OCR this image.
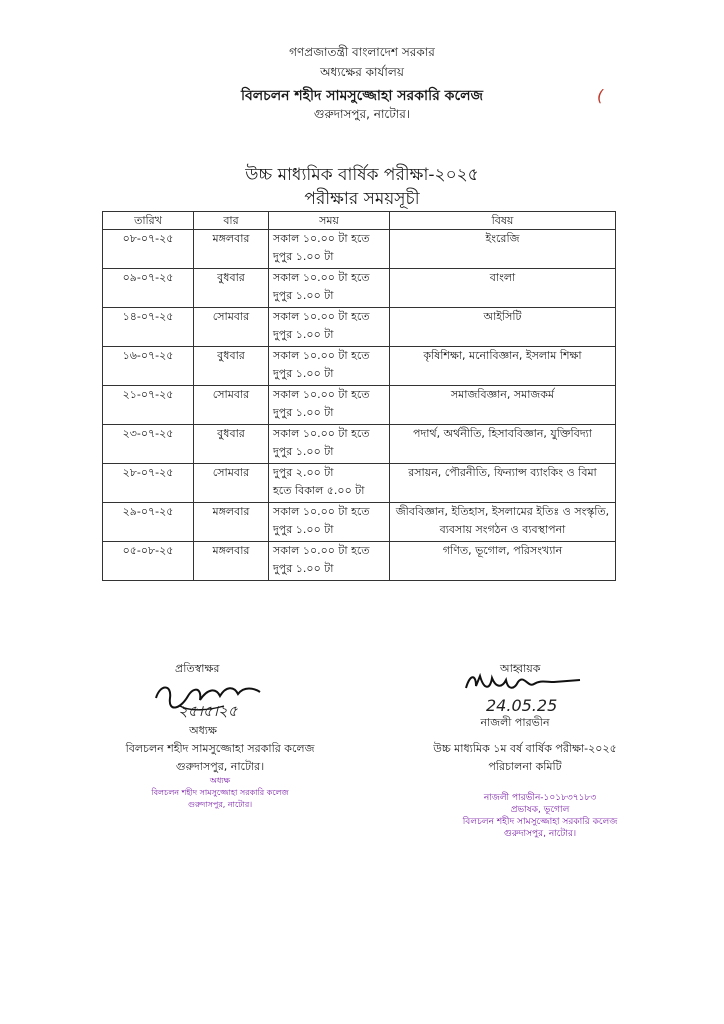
গণপ্রজাতন্ত্রী বাংলাদেশ সরকার
অধ্যক্ষের কার্যালয়
বিলচলন শহীদ সামসুজ্জোহা সরকারি কলেজ
গুরুদাসপুর, নাটোর।
(
উচ্চ মাধ্যমিক বার্ষিক পরীক্ষা-২০২৫
পরীক্ষার সময়সূচী
তারিখ	বার	সময়	বিষয়
০৮-০৭-২৫	মঙ্গলবার	সকাল ১০.০০ টা হতে
দুপুর ১.০০ টা	ইংরেজি
০৯-০৭-২৫	বুধবার	সকাল ১০.০০ টা হতে
দুপুর ১.০০ টা	বাংলা
১৪-০৭-২৫	সোমবার	সকাল ১০.০০ টা হতে
দুপুর ১.০০ টা	আইসিটি
১৬-০৭-২৫	বুধবার	সকাল ১০.০০ টা হতে
দুপুর ১.০০ টা	কৃষিশিক্ষা, মনোবিজ্ঞান, ইসলাম শিক্ষা
২১-০৭-২৫	সোমবার	সকাল ১০.০০ টা হতে
দুপুর ১.০০ টা	সমাজবিজ্ঞান, সমাজকর্ম
২৩-০৭-২৫	বুধবার	সকাল ১০.০০ টা হতে
দুপুর ১.০০ টা	পদার্থ, অর্থনীতি, হিসাববিজ্ঞান, যুক্তিবিদ্যা
২৮-০৭-২৫	সোমবার	দুপুর ২.০০ টা
হতে বিকাল ৫.০০ টা	রসায়ন, পৌরনীতি, ফিন্যান্স ব্যাংকিং ও বিমা
২৯-০৭-২৫	মঙ্গলবার	সকাল ১০.০০ টা হতে
দুপুর ১.০০ টা	জীববিজ্ঞান, ইতিহাস, ইসলামের ইতিঃ ও সংস্কৃতি, ব্যবসায় সংগঠন ও ব্যবস্থাপনা
০৫-০৮-২৫	মঙ্গলবার	সকাল ১০.০০ টা হতে
দুপুর ১.০০ টা	গণিত, ভূগোল, পরিসংখ্যান
প্রতিস্বাক্ষর
২৫।৫।২৫
অধ্যক্ষ
বিলচলন শহীদ সামসুজ্জোহা সরকারি কলেজ
গুরুদাসপুর, নাটোর।
অধ্যক্ষ
বিলচলন শহীদ সামসুজ্জোহা সরকারি কলেজ
গুরুদাসপুর, নাটোর।
আহ্বায়ক
24.05.25
নাজলী পারভীন
উচ্চ মাধ্যমিক ১ম বর্ষ বার্ষিক পরীক্ষা-২০২৫
পরিচালনা কমিটি
নাজলী পারভীন-১০১৮৩৭১৮৩
প্রভাষক, ভূগোল
বিলচলন শহীদ সামসুজ্জোহা সরকারি কলেজ
গুরুদাসপুর, নাটোর।
